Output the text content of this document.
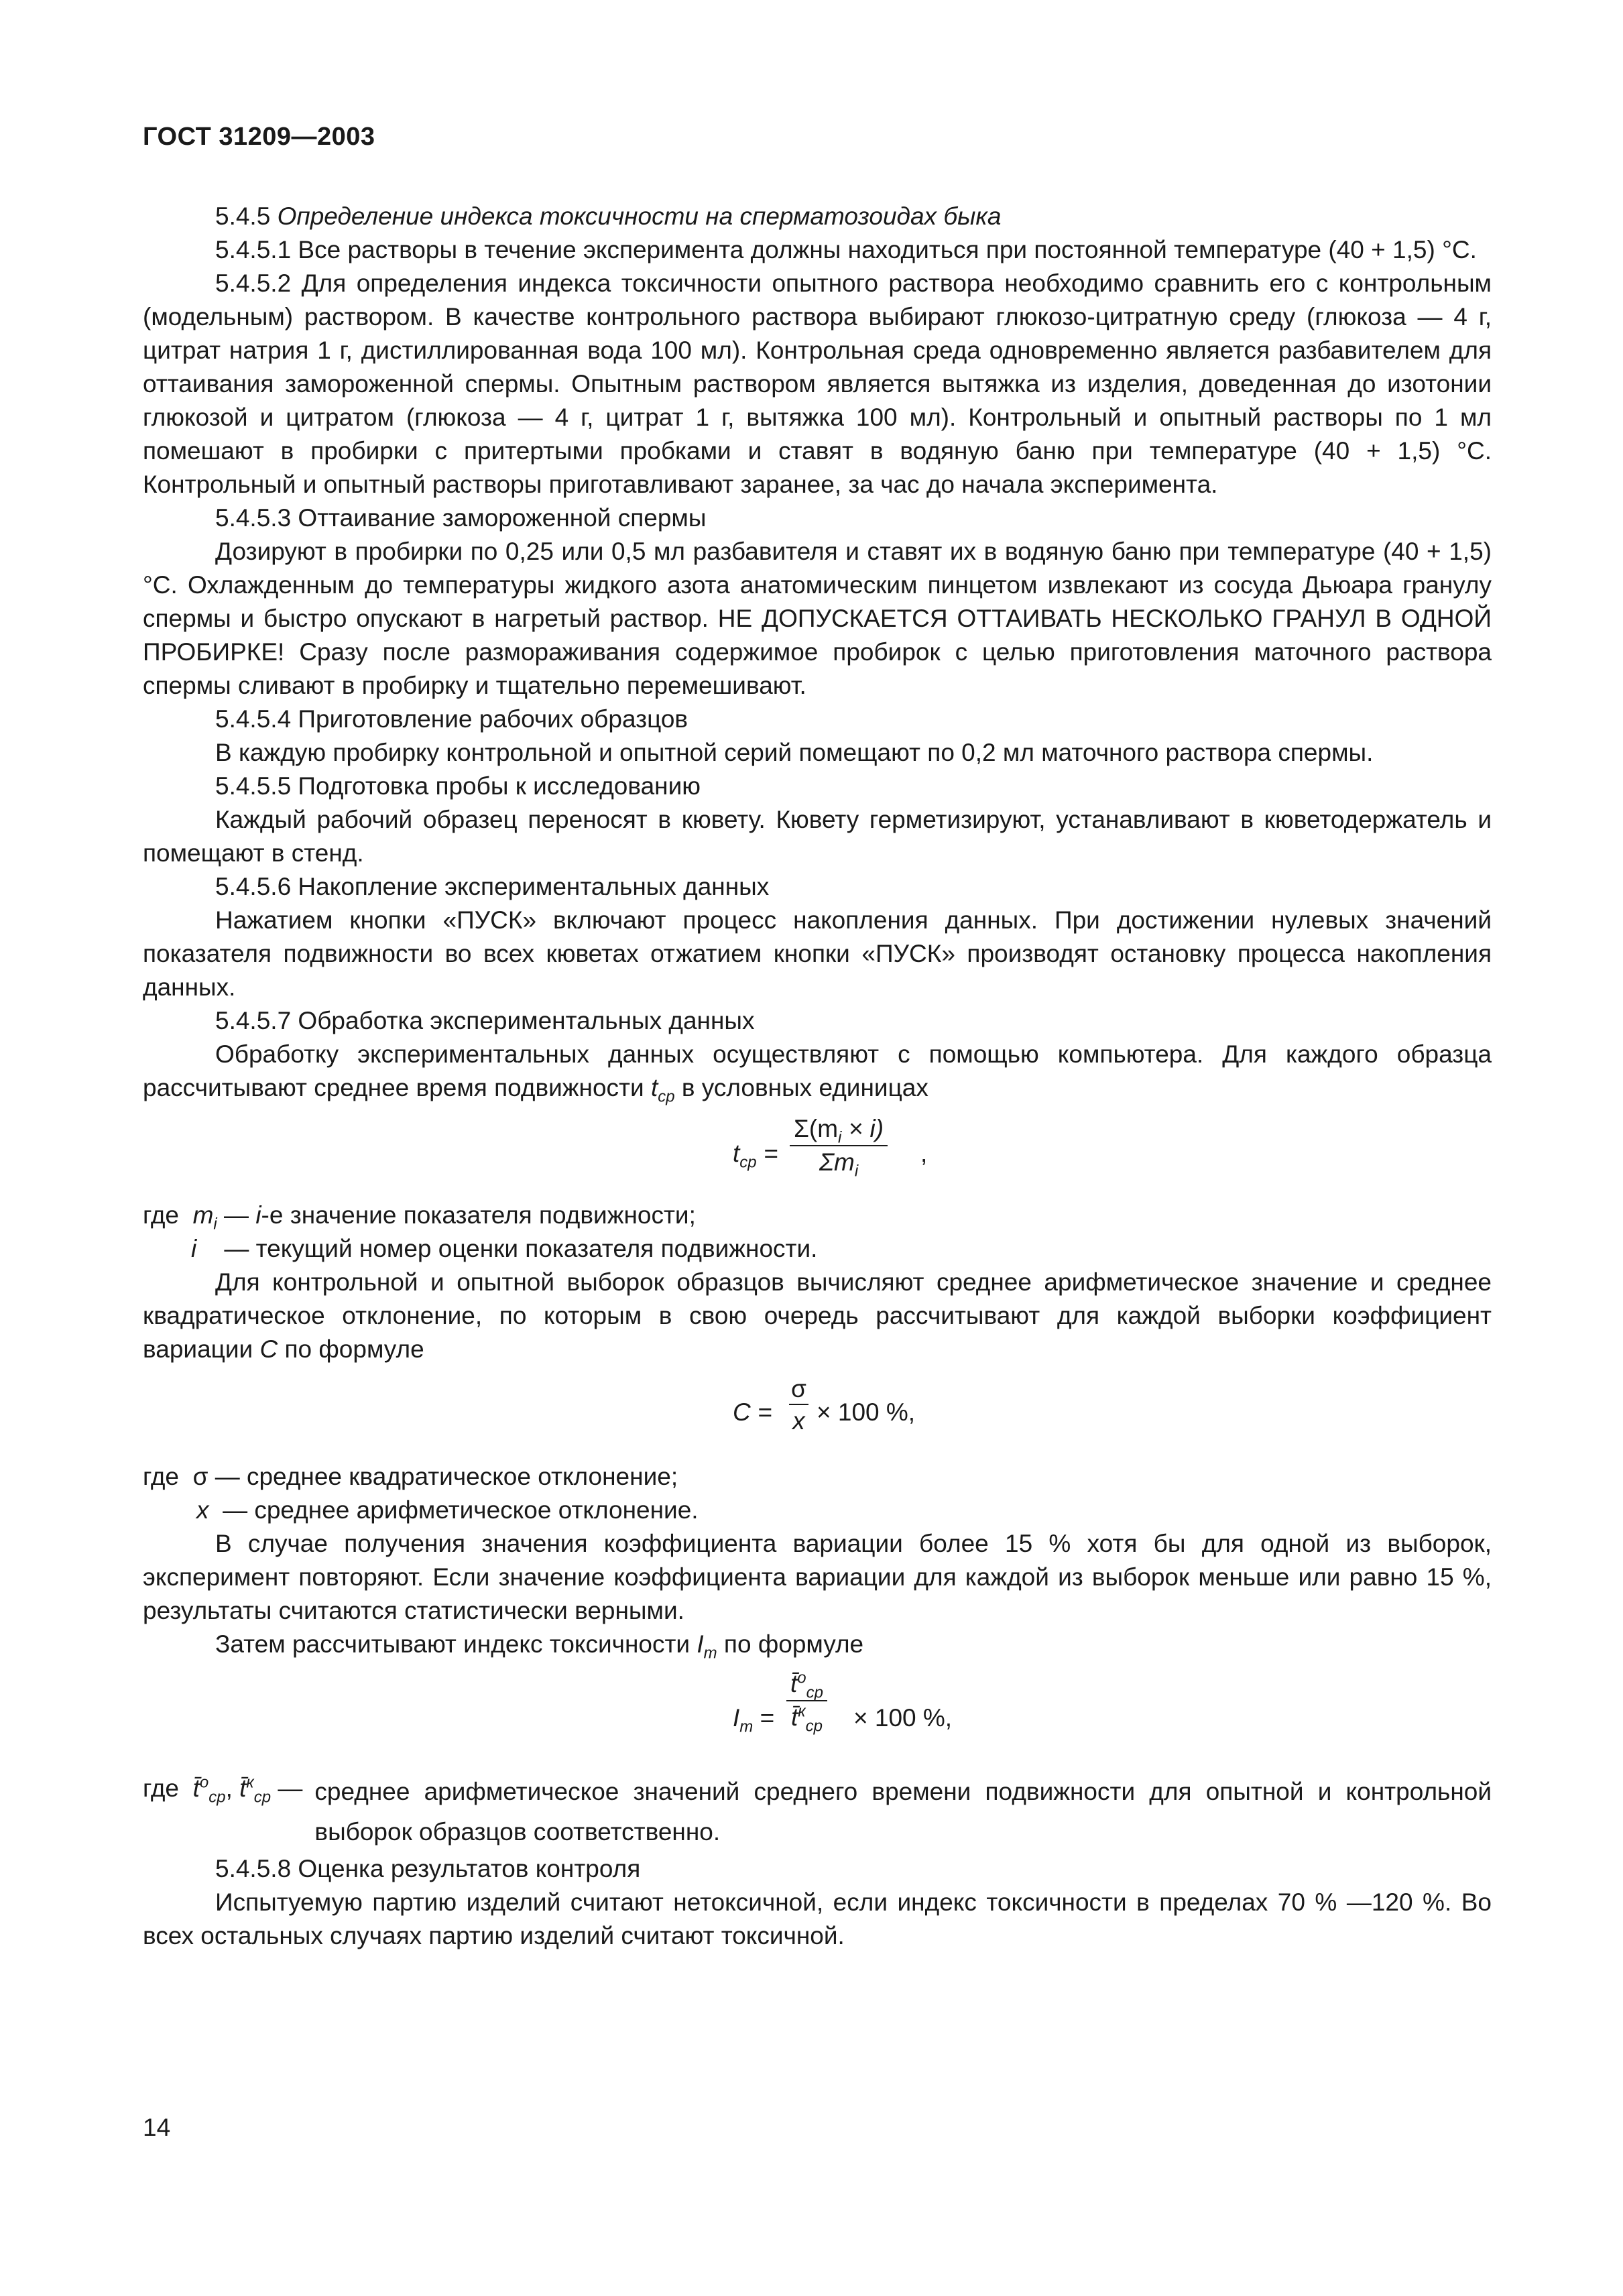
ГОСТ 31209—2003

5.4.5 Определение индекса токсичности на сперматозоидах быка

5.4.5.1 Все растворы в течение эксперимента должны находиться при постоянной температуре (40 + 1,5) °С.

5.4.5.2 Для определения индекса токсичности опытного раствора необходимо сравнить его с контрольным (модельным) раствором. В качестве контрольного раствора выбирают глюкозо-цитратную среду (глюкоза — 4 г, цитрат натрия 1 г, дистиллированная вода 100 мл). Контрольная среда одновременно является разбавителем для оттаивания замороженной спермы. Опытным раствором является вытяжка из изделия, доведенная до изотонии глюкозой и цитратом (глюкоза — 4 г, цитрат 1 г, вытяжка 100 мл). Контрольный и опытный растворы по 1 мл помешают в пробирки с притертыми пробками и ставят в водяную баню при температуре (40 + 1,5) °С. Контрольный и опытный растворы приготавливают заранее, за час до начала эксперимента.

5.4.5.3 Оттаивание замороженной спермы

Дозируют в пробирки по 0,25 или 0,5 мл разбавителя и ставят их в водяную баню при температуре (40 + 1,5) °С. Охлажденным до температуры жидкого азота анатомическим пинцетом извлекают из сосуда Дьюара гранулу спермы и быстро опускают в нагретый раствор. НЕ ДОПУСКАЕТСЯ ОТТАИВАТЬ НЕСКОЛЬКО ГРАНУЛ В ОДНОЙ ПРОБИРКЕ! Сразу после размораживания содержимое пробирок с целью приготовления маточного раствора спермы сливают в пробирку и тщательно перемешивают.

5.4.5.4 Приготовление рабочих образцов

В каждую пробирку контрольной и опытной серий помещают по 0,2 мл маточного раствора спермы.

5.4.5.5 Подготовка пробы к исследованию

Каждый рабочий образец переносят в кювету. Кювету герметизируют, устанавливают в кюветодержатель и помещают в стенд.

5.4.5.6 Накопление экспериментальных данных

Нажатием кнопки «ПУСК» включают процесс накопления данных. При достижении нулевых значений показателя подвижности во всех кюветах отжатием кнопки «ПУСК» производят остановку процесса накопления данных.

5.4.5.7 Обработка экспериментальных данных

Обработку экспериментальных данных осуществляют с помощью компьютера. Для каждого образца рассчитывают среднее время подвижности $t_{ср}$ в условных единицах

$t_{ср}$ =
$\Sigma(m_i \times i)$
$\Sigma m_i$
,
где $m_i$ — i-е значение показателя подвижности;
i — текущий номер оценки показателя подвижности.

Для контрольной и опытной выборок образцов вычисляют среднее арифметическое значение и среднее квадратическое отклонение, по которым в свою очередь рассчитывают для каждой выборки коэффициент вариации С по формуле

$С = \frac{\sigma}{x} \times 100$ %,
где σ — среднее квадратическое отклонение;
x — среднее арифметическое отклонение.

В случае получения значения коэффициента вариации более 15 % хотя бы для одной из выборок, эксперимент повторяют. Если значение коэффициента вариации для каждой из выборок меньше или равно 15 %, результаты считаются статистически верными.

Затем рассчитывают индекс токсичности $I_т$ по формуле

$I_т$ =
t̄$^о_{ср}$
t̄$^к_{ср}$ × 100 %,
где t̄$^о_{ср}$, t̄$^к_{ср}$ — среднее арифметическое значений среднего времени подвижности для опытной и контрольной выборок образцов соответственно.

5.4.5.8 Оценка результатов контроля

Испытуемую партию изделий считают нетоксичной, если индекс токсичности в пределах 70 % —120 %. Во всех остальных случаях партию изделий считают токсичной.

14
